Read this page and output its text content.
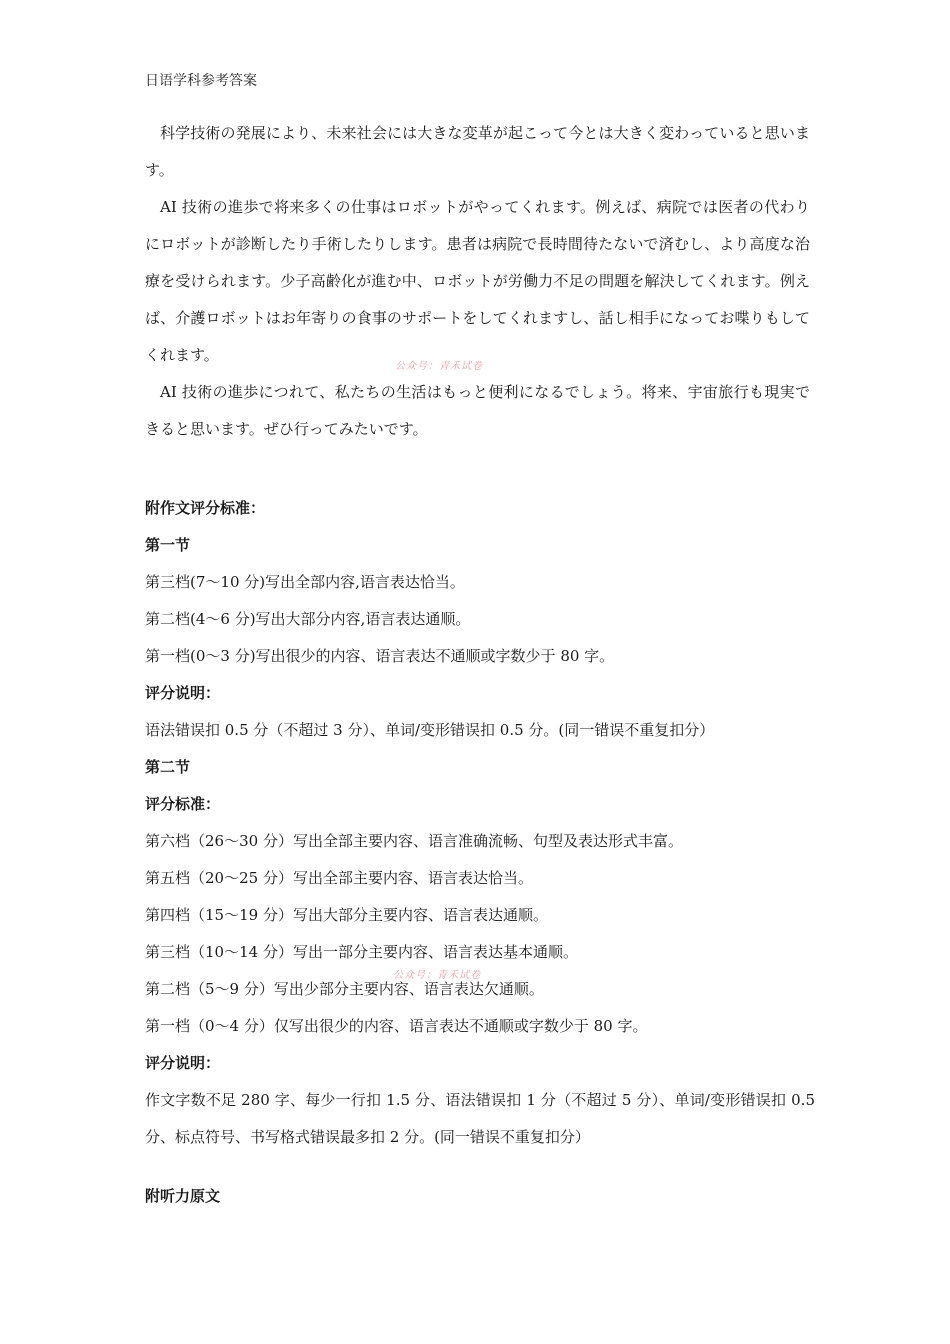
日语学科参考答案

科学技術の発展により、未来社会には大きな変革が起こって今とは大きく変わっていると思います。

AI 技術の進歩で将来多くの仕事はロボットがやってくれます。例えば、病院では医者の代わりにロボットが診断したり手術したりします。患者は病院で長時間待たないで済むし、より高度な治療を受けられます。少子高齢化が進む中、ロボットが労働力不足の問題を解決してくれます。例えば、介護ロボットはお年寄りの食事のサポートをしてくれますし、話し相手になってお喋りもしてくれます。

AI 技術の進歩につれて、私たちの生活はもっと便利になるでしょう。将来、宇宙旅行も現実できると思います。ぜひ行ってみたいです。

附作文评分标准：
第一节
第三档(7～10 分)写出全部内容,语言表达恰当。
第二档(4～6 分)写出大部分内容,语言表达通顺。
第一档(0～3 分)写出很少的内容、语言表达不通顺或字数少于 80 字。
评分说明：
语法错误扣 0.5 分（不超过 3 分）、单词/变形错误扣 0.5 分。(同一错误不重复扣分）
第二节
评分标准：
第六档（26～30 分）写出全部主要内容、语言准确流畅、句型及表达形式丰富。
第五档（20～25 分）写出全部主要内容、语言表达恰当。
第四档（15～19 分）写出大部分主要内容、语言表达通顺。
第三档（10～14 分）写出一部分主要内容、语言表达基本通顺。
第二档（5～9 分）写出少部分主要内容、语言表达欠通顺。
第一档（0～4 分）仅写出很少的内容、语言表达不通顺或字数少于 80 字。
评分说明：
作文字数不足 280 字、每少一行扣 1.5 分、语法错误扣 1 分（不超过 5 分）、单词/变形错误扣 0.5 分、标点符号、书写格式错误最多扣 2 分。(同一错误不重复扣分）
附听力原文
公众号：青禾试卷
公众号：青禾试卷
